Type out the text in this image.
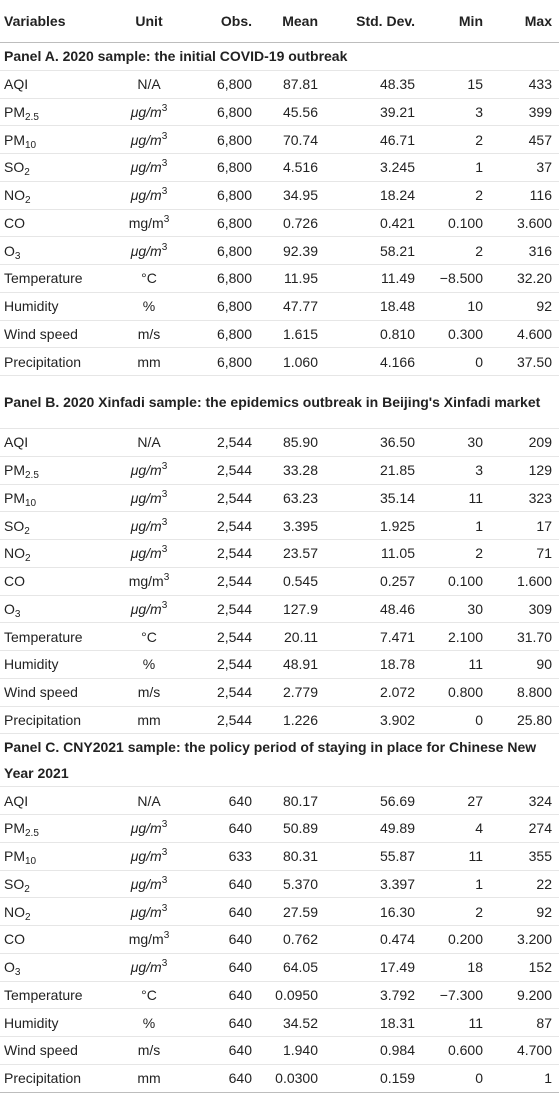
Variables	Unit	Obs.	Mean	Std. Dev.	Min	Max
Panel A. 2020 sample: the initial COVID-19 outbreak						
AQI	N/A	6,800	87.81	48.35	15	433
$PM_{2.5}$	$\mu g/m^3$	6,800	45.56	39.21	3	399
$PM_{10}$	$\mu g/m^3$	6,800	70.74	46.71	2	457
$SO_2$	$\mu g/m^3$	6,800	4.516	3.245	1	37
$NO_2$	$\mu g/m^3$	6,800	34.95	18.24	2	116
CO	$mg/m^3$	6,800	0.726	0.421	0.100	3.600
$O_3$	$\mu g/m^3$	6,800	92.39	58.21	2	316
Temperature	°C	6,800	11.95	11.49	−8.500	32.20
Humidity	%	6,800	47.77	18.48	10	92
Wind speed	m/s	6,800	1.615	0.810	0.300	4.600
Precipitation	mm	6,800	1.060	4.166	0	37.50
Panel B. 2020 Xinfadi sample: the epidemics outbreak in Beijing's Xinfadi market						
AQI	N/A	2,544	85.90	36.50	30	209
$PM_{2.5}$	$\mu g/m^3$	2,544	33.28	21.85	3	129
$PM_{10}$	$\mu g/m^3$	2,544	63.23	35.14	11	323
$SO_2$	$\mu g/m^3$	2,544	3.395	1.925	1	17
$NO_2$	$\mu g/m^3$	2,544	23.57	11.05	2	71
CO	$mg/m^3$	2,544	0.545	0.257	0.100	1.600
$O_3$	$\mu g/m^3$	2,544	127.9	48.46	30	309
Temperature	°C	2,544	20.11	7.471	2.100	31.70
Humidity	%	2,544	48.91	18.78	11	90
Wind speed	m/s	2,544	2.779	2.072	0.800	8.800
Precipitation	mm	2,544	1.226	3.902	0	25.80
Panel C. CNY2021 sample: the policy period of staying in place for Chinese New Year 2021						
AQI	N/A	640	80.17	56.69	27	324
$PM_{2.5}$	$\mu g/m^3$	640	50.89	49.89	4	274
$PM_{10}$	$\mu g/m^3$	633	80.31	55.87	11	355
$SO_2$	$\mu g/m^3$	640	5.370	3.397	1	22
$NO_2$	$\mu g/m^3$	640	27.59	16.30	2	92
CO	$mg/m^3$	640	0.762	0.474	0.200	3.200
$O_3$	$\mu g/m^3$	640	64.05	17.49	18	152
Temperature	°C	640	0.0950	3.792	−7.300	9.200
Humidity	%	640	34.52	18.31	11	87
Wind speed	m/s	640	1.940	0.984	0.600	4.700
Precipitation	mm	640	0.0300	0.159	0	1
